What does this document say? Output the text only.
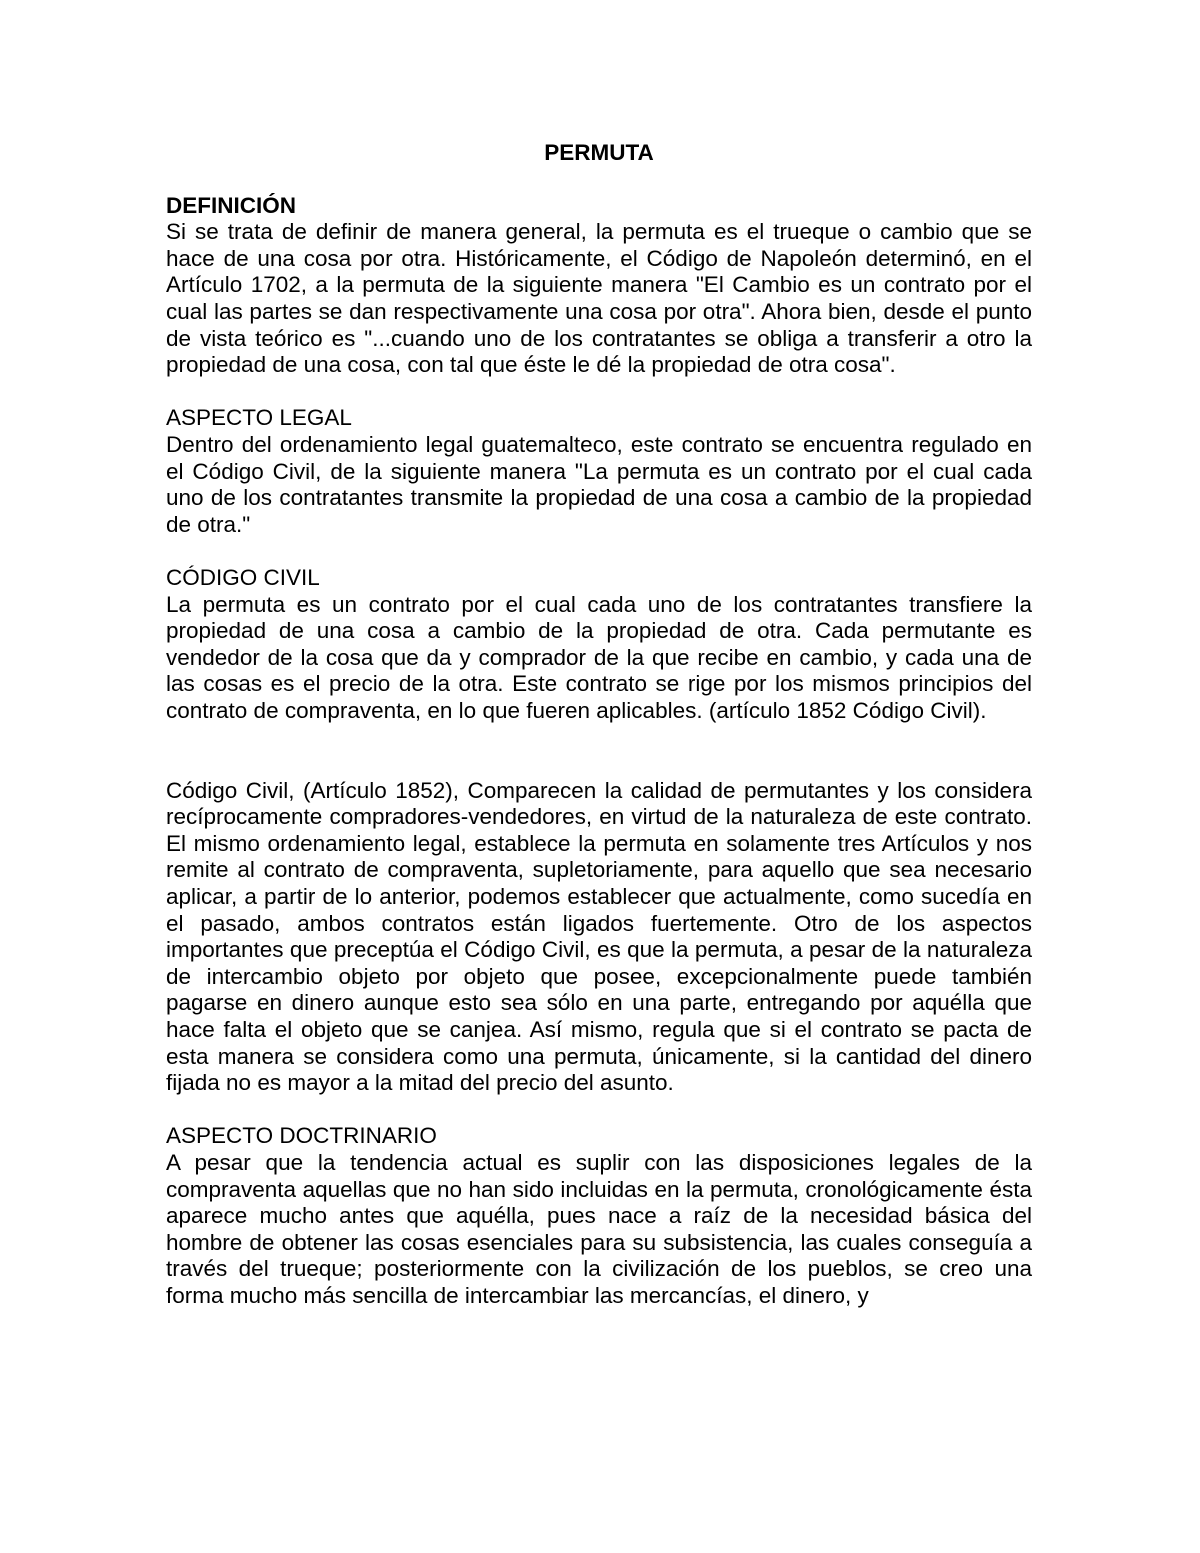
PERMUTA
DEFINICIÓN

Si se trata de definir de manera general, la permuta es el trueque o cambio que se hace de una cosa por otra. Históricamente, el Código de Napoleón determinó, en el Artículo 1702, a la permuta de la siguiente manera "El Cambio es un contrato por el cual las partes se dan respectivamente una cosa por otra". Ahora bien, desde el punto de vista teórico es "...cuando uno de los contratantes se obliga a transferir a otro la propiedad de una cosa, con tal que éste le dé la propiedad de otra cosa".

ASPECTO LEGAL

Dentro del ordenamiento legal guatemalteco, este contrato se encuentra regulado en el Código Civil, de la siguiente manera "La permuta es un contrato por el cual cada uno de los contratantes transmite la propiedad de una cosa a cambio de la propiedad de otra."

CÓDIGO CIVIL

La permuta es un contrato por el cual cada uno de los contratantes transfiere la propiedad de una cosa a cambio de la propiedad de otra. Cada permutante es vendedor de la cosa que da y comprador de la que recibe en cambio, y cada una de las cosas es el precio de la otra. Este contrato se rige por los mismos principios del contrato de compraventa, en lo que fueren aplicables. (artículo 1852 Código Civil).

Código Civil, (Artículo 1852), Comparecen la calidad de permutantes y los considera recíprocamente compradores-vendedores, en virtud de la naturaleza de este contrato. El mismo ordenamiento legal, establece la permuta en solamente tres Artículos y nos remite al contrato de compraventa, supletoriamente, para aquello que sea necesario aplicar, a partir de lo anterior, podemos establecer que actualmente, como sucedía en el pasado, ambos contratos están ligados fuertemente. Otro de los aspectos importantes que preceptúa el Código Civil, es que la permuta, a pesar de la naturaleza de intercambio objeto por objeto que posee, excepcionalmente puede también pagarse en dinero aunque esto sea sólo en una parte, entregando por aquélla que hace falta el objeto que se canjea. Así mismo, regula que si el contrato se pacta de esta manera se considera como una permuta, únicamente, si la cantidad del dinero fijada no es mayor a la mitad del precio del asunto.

ASPECTO DOCTRINARIO

A pesar que la tendencia actual es suplir con las disposiciones legales de la compraventa aquellas que no han sido incluidas en la permuta, cronológicamente ésta aparece mucho antes que aquélla, pues nace a raíz de la necesidad básica del hombre de obtener las cosas esenciales para su subsistencia, las cuales conseguía a través del trueque; posteriormente con la civilización de los pueblos, se creo una forma mucho más sencilla de intercambiar las mercancías, el dinero, y
